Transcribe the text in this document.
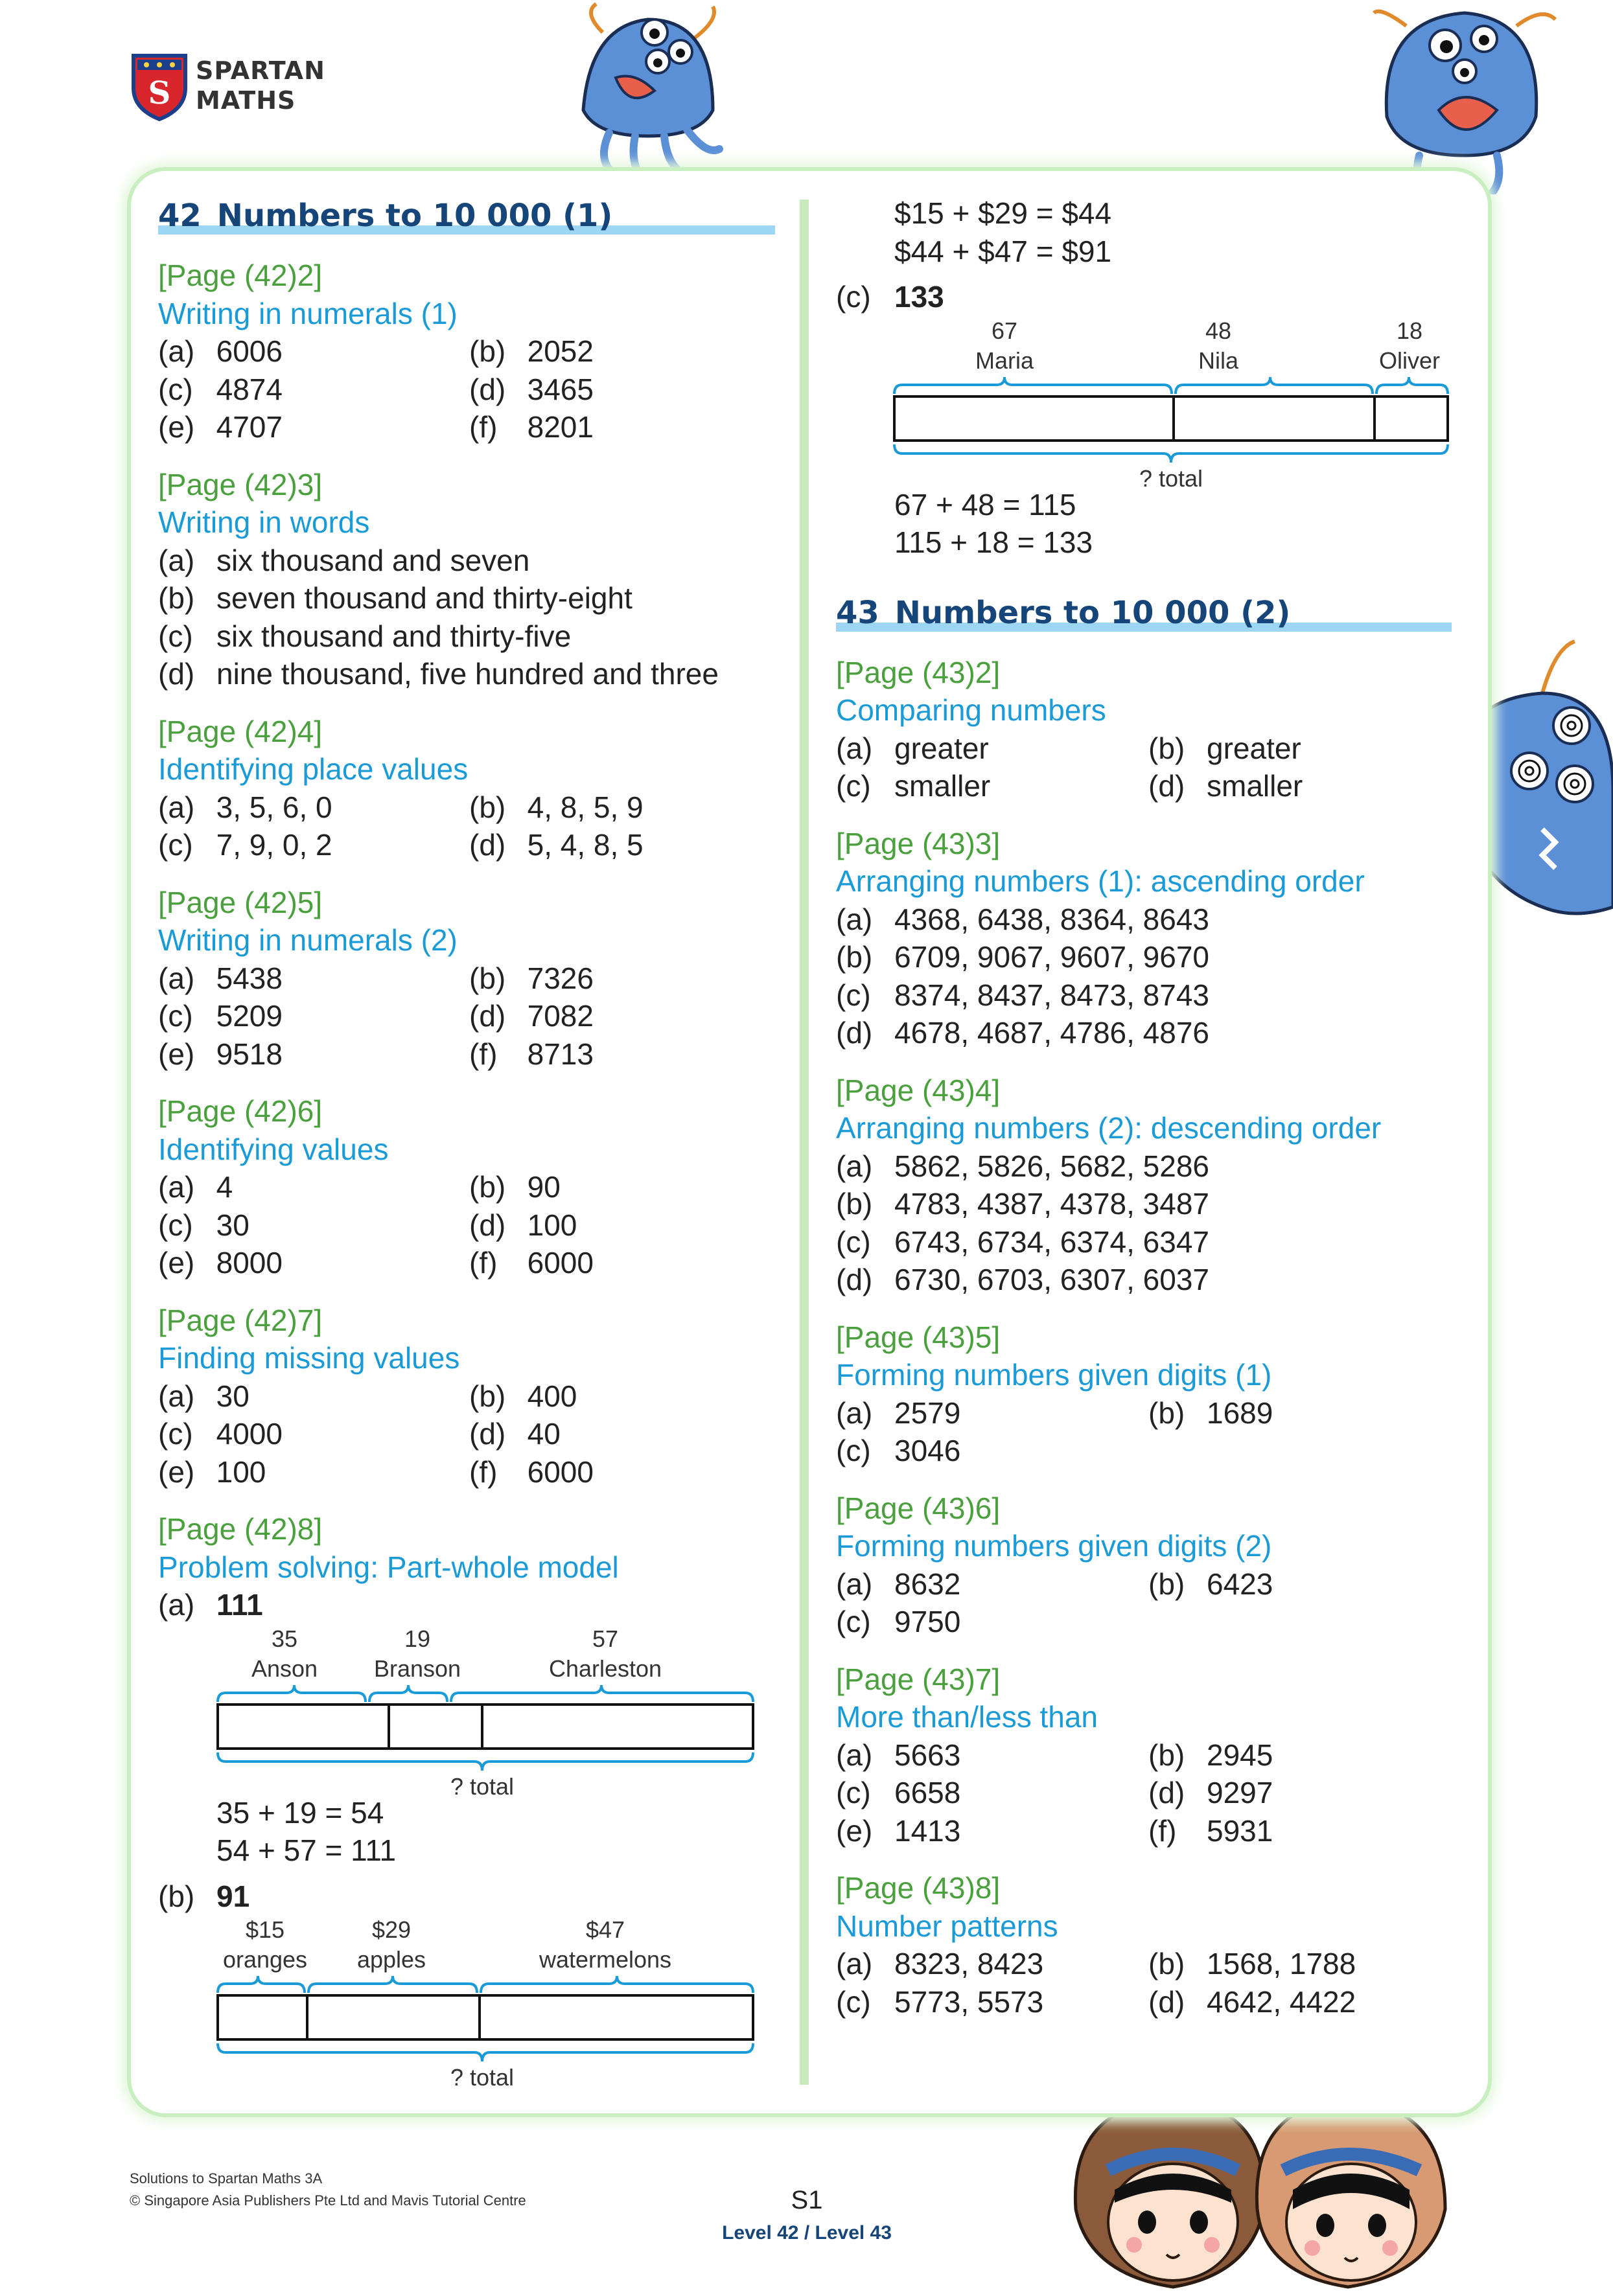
S
SPARTAN
MATHS
42 Numbers to 10 000 (1)
[Page (42)2]
Writing in numerals (1)
(a) 6006	(b) 2052
(c) 4874	(d) 3465
(e) 4707	(f)	8201
[Page (42)3]
Writing in words
(a) six thousand and seven
(b) seven thousand and thirty-eight
(c) six thousand and thirty-five
(d) nine thousand, five hundred and three
[Page (42)4]
Identifying place values
(a) 3, 5, 6, 0	(b) 4, 8, 5, 9
(c) 7, 9, 0, 2	(d) 5, 4, 8, 5
[Page (42)5]
Writing in numerals (2)
(a) 5438	(b) 7326
(c) 5209	(d) 7082
(e) 9518	(f)	8713
[Page (42)6]
Identifying values
(a) 4	(b) 90
(c) 30	(d) 100
(e) 8000	(f)	6000
[Page (42)7]
Finding missing values
(a) 30	(b) 400
(c) 4000	(d) 40
(e) 100	(f)	6000
[Page (42)8]
Problem solving: Part-whole model
(a) 111
35
Anson
19
Branson
57
Charleston
? total
35 + 19 = 54
54 + 57 = 111
(b) 91
$15
oranges
$29
apples
$47
watermelons
? total
$15 + $29 = $44
$44 + $47 = $91
(c) 133
67
Maria
48
Nila
18
Oliver
? total
67 + 48 = 115
115 + 18 = 133
43 Numbers to 10 000 (2)
[Page (43)2]
Comparing numbers
(a) greater	(b) greater
(c) smaller	(d) smaller
[Page (43)3]
Arranging numbers (1): ascending order
(a) 4368, 6438, 8364, 8643
(b) 6709, 9067, 9607, 9670
(c) 8374, 8437, 8473, 8743
(d) 4678, 4687, 4786, 4876
[Page (43)4]
Arranging numbers (2): descending order
(a) 5862, 5826, 5682, 5286
(b) 4783, 4387, 4378, 3487
(c) 6743, 6734, 6374, 6347
(d) 6730, 6703, 6307, 6037
[Page (43)5]
Forming numbers given digits (1)
(a) 2579	(b) 1689
(c) 3046
[Page (43)6]
Forming numbers given digits (2)
(a) 8632	(b) 6423
(c) 9750
[Page (43)7]
More than/less than
(a) 5663	(b) 2945
(c) 6658	(d) 9297
(e) 1413	(f)	5931
[Page (43)8]
Number patterns
(a) 8323, 8423	(b) 1568, 1788
(c) 5773, 5573	(d) 4642, 4422
Solutions to Spartan Maths 3A
© Singapore Asia Publishers Pte Ltd and Mavis Tutorial Centre	S1
Level 42 / Level 43
